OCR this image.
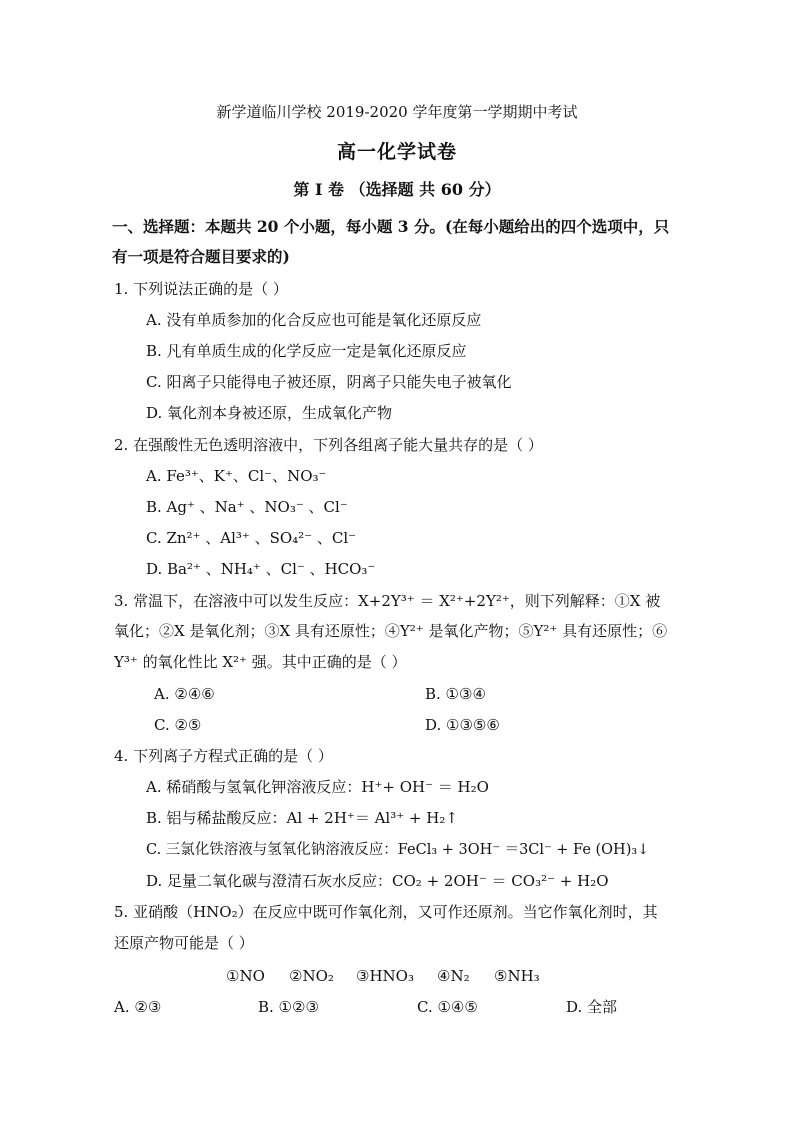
新学道临川学校 2019-2020 学年度第一学期期中考试
高一化学试卷
第 I 卷 （选择题 共 60 分）
一、选择题：本题共 20 个小题，每小题 3 分。(在每小题给出的四个选项中，只
有一项是符合题目要求的)
1. 下列说法正确的是（ ）
A. 没有单质参加的化合反应也可能是氧化还原反应
B. 凡有单质生成的化学反应一定是氧化还原反应
C. 阳离子只能得电子被还原，阴离子只能失电子被氧化
D. 氧化剂本身被还原，生成氧化产物
2. 在强酸性无色透明溶液中，下列各组离子能大量共存的是（ ）
A. Fe³⁺、K⁺、Cl⁻、NO₃⁻
B. Ag⁺ 、Na⁺ 、NO₃⁻ 、Cl⁻
C. Zn²⁺ 、Al³⁺ 、SO₄²⁻ 、Cl⁻
D. Ba²⁺ 、NH₄⁺ 、Cl⁻ 、HCO₃⁻
3. 常温下，在溶液中可以发生反应：X+2Y³⁺ ＝ X²⁺+2Y²⁺，则下列解释：①X 被
氧化；②X 是氧化剂；③X 具有还原性；④Y²⁺ 是氧化产物；⑤Y²⁺ 具有还原性；⑥
Y³⁺ 的氧化性比 X²⁺ 强。其中正确的是（ ）
A. ②④⑥	B. ①③④
C. ②⑤	D. ①③⑤⑥
4. 下列离子方程式正确的是（ ）
A. 稀硝酸与氢氧化钾溶液反应：H⁺+ OH⁻ ＝ H₂O
B. 铝与稀盐酸反应：Al + 2H⁺＝ Al³⁺ + H₂↑
C. 三氯化铁溶液与氢氧化钠溶液反应：FeCl₃ + 3OH⁻ ＝3Cl⁻ + Fe (OH)₃↓
D. 足量二氧化碳与澄清石灰水反应：CO₂ + 2OH⁻ ＝ CO₃²⁻ + H₂O
5. 亚硝酸（HNO₂）在反应中既可作氧化剂，又可作还原剂。当它作氧化剂时，其
还原产物可能是（ ）
①NO ②NO₂ ③HNO₃ ④N₂ ⑤NH₃
A. ②③	B. ①②③	C. ①④⑤	D. 全部
